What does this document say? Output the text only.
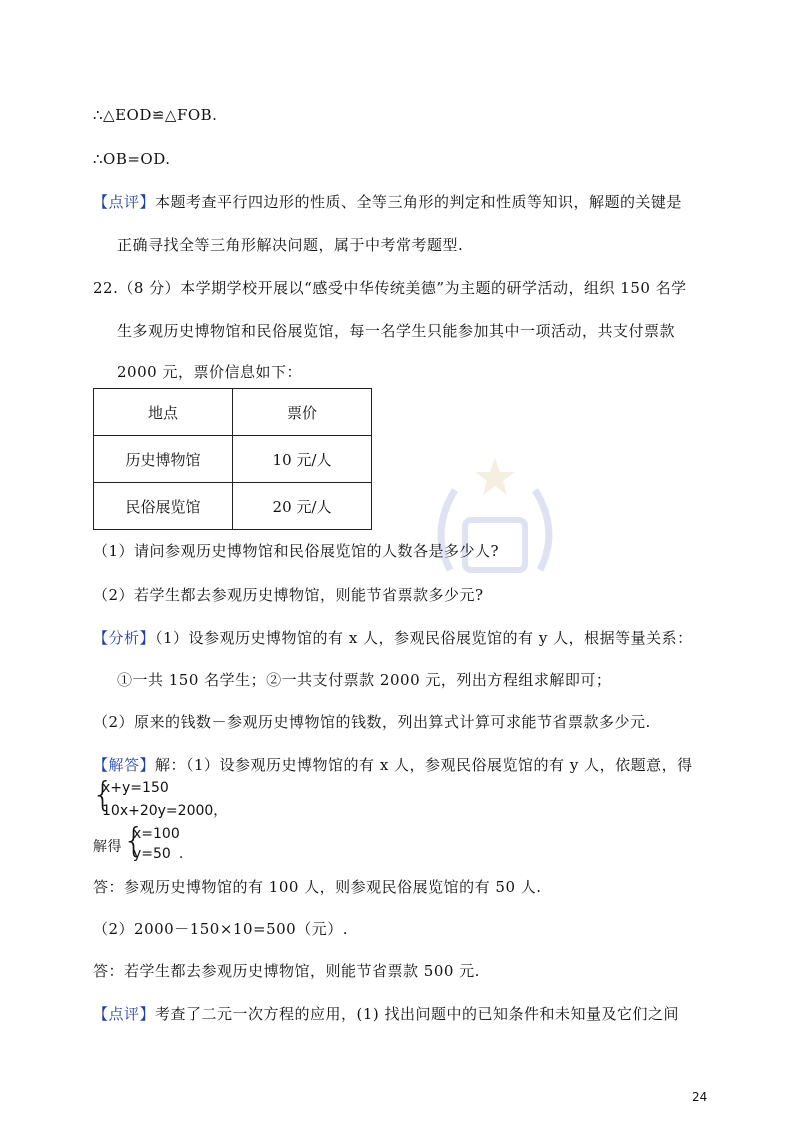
∴△EOD≌△FOB.
∴OB=OD.
【点评】本题考查平行四边形的性质、全等三角形的判定和性质等知识，解题的关键是
正确寻找全等三角形解决问题，属于中考常考题型.
22.（8 分）本学期学校开展以“感受中华传统美德”为主题的研学活动，组织 150 名学
生多观历史博物馆和民俗展览馆，每一名学生只能参加其中一项活动，共支付票款
2000 元，票价信息如下：
地点	票价
历史博物馆	10 元/人
民俗展览馆	20 元/人
（1）请问参观历史博物馆和民俗展览馆的人数各是多少人?
（2）若学生都去参观历史博物馆，则能节省票款多少元?
【分析】（1）设参观历史博物馆的有 x 人，参观民俗展览馆的有 y 人，根据等量关系：
①一共 150 名学生；②一共支付票款 2000 元，列出方程组求解即可；
（2）原来的钱数－参观历史博物馆的钱数，列出算式计算可求能节省票款多少元.
【解答】解：（1）设参观历史博物馆的有 x 人，参观民俗展览馆的有 y 人，依题意，得
{
x+y=150
10x+20y=2000，
解得 {
x=100
y=50 .
答：参观历史博物馆的有 100 人，则参观民俗展览馆的有 50 人.
（2）2000－150×10=500（元）.
答：若学生都去参观历史博物馆，则能节省票款 500 元.
【点评】考查了二元一次方程的应用，(1) 找出问题中的已知条件和未知量及它们之间
24
